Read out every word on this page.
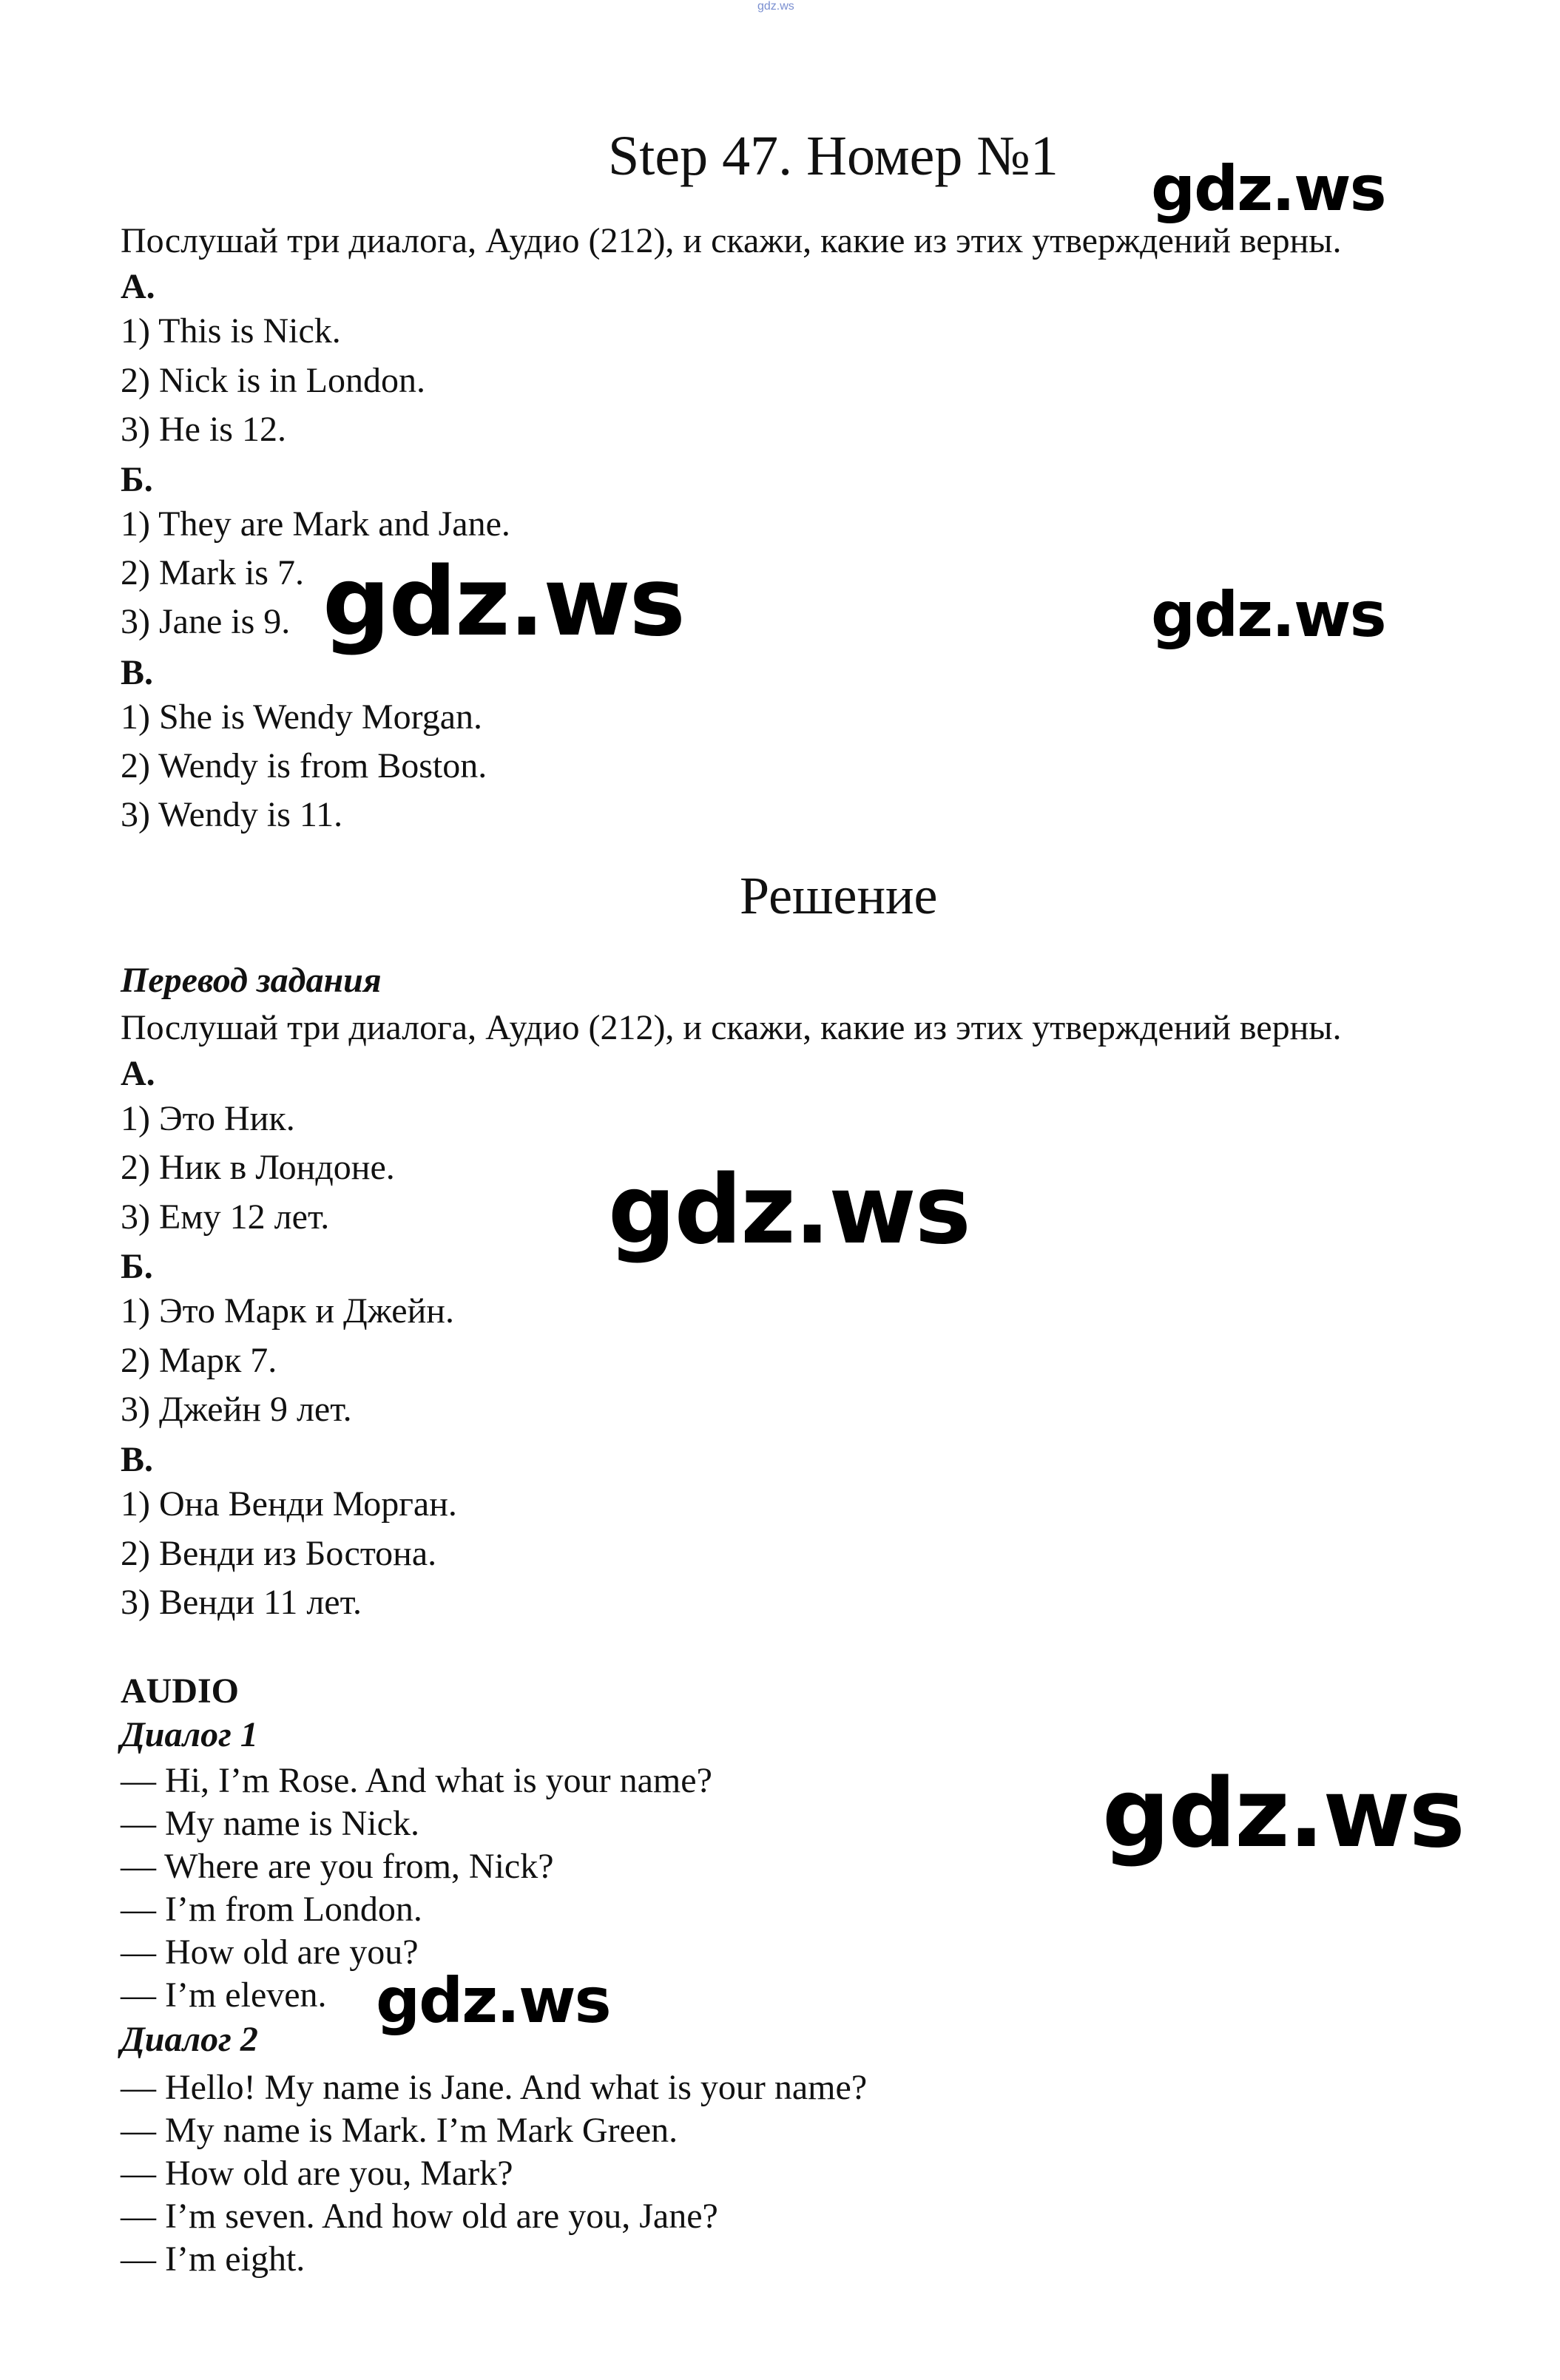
gdz.ws
Step 47. Номер №1
Послушай три диалога, Аудио (212), и скажи, какие из этих утверждений верны.
А.
1) This is Nick.
2) Nick is in London.
3) He is 12.
Б.
1) They are Mark and Jane.
2) Mark is 7.
3) Jane is 9.
В.
1) She is Wendy Morgan.
2) Wendy is from Boston.
3) Wendy is 11.
Решение
Перевод задания
Послушай три диалога, Аудио (212), и скажи, какие из этих утверждений верны.
А.
1) Это Ник.
2) Ник в Лондоне.
3) Ему 12 лет.
Б.
1) Это Марк и Джейн.
2) Марк 7.
3) Джейн 9 лет.
В.
1) Она Венди Морган.
2) Венди из Бостона.
3) Венди 11 лет.
AUDIO
Диалог 1
— Hi, I’m Rose. And what is your name?
— My name is Nick.
— Where are you from, Nick?
— I’m from London.
— How old are you?
— I’m eleven.
Диалог 2
— Hello! My name is Jane. And what is your name?
— My name is Mark. I’m Mark Green.
— How old are you, Mark?
— I’m seven. And how old are you, Jane?
— I’m eight.
gdz.ws
gdz.ws	gdz.ws
gdz.ws
gdz.ws
gdz.ws
